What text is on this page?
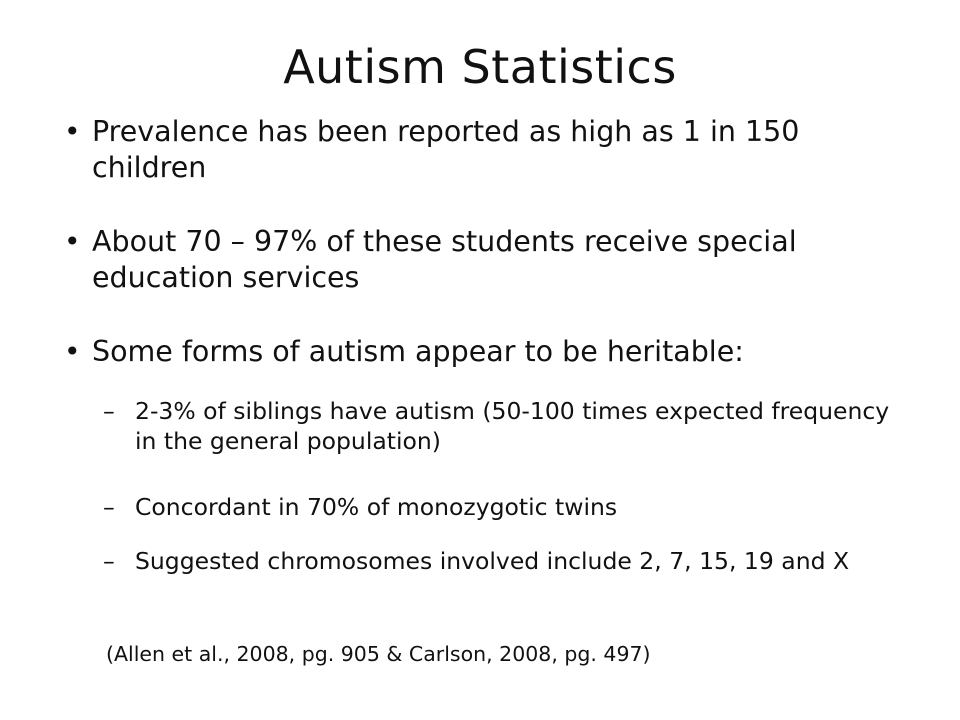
Autism Statistics
• Prevalence has been reported as high as 1 in 150 children
• About 70 – 97% of these students receive special education services
• Some forms of autism appear to be heritable:
– 2-3% of siblings have autism (50-100 times expected frequency in the general population)
– Concordant in 70% of monozygotic twins
– Suggested chromosomes involved include 2, 7, 15, 19 and X
(Allen et al., 2008, pg. 905 & Carlson, 2008, pg. 497)
